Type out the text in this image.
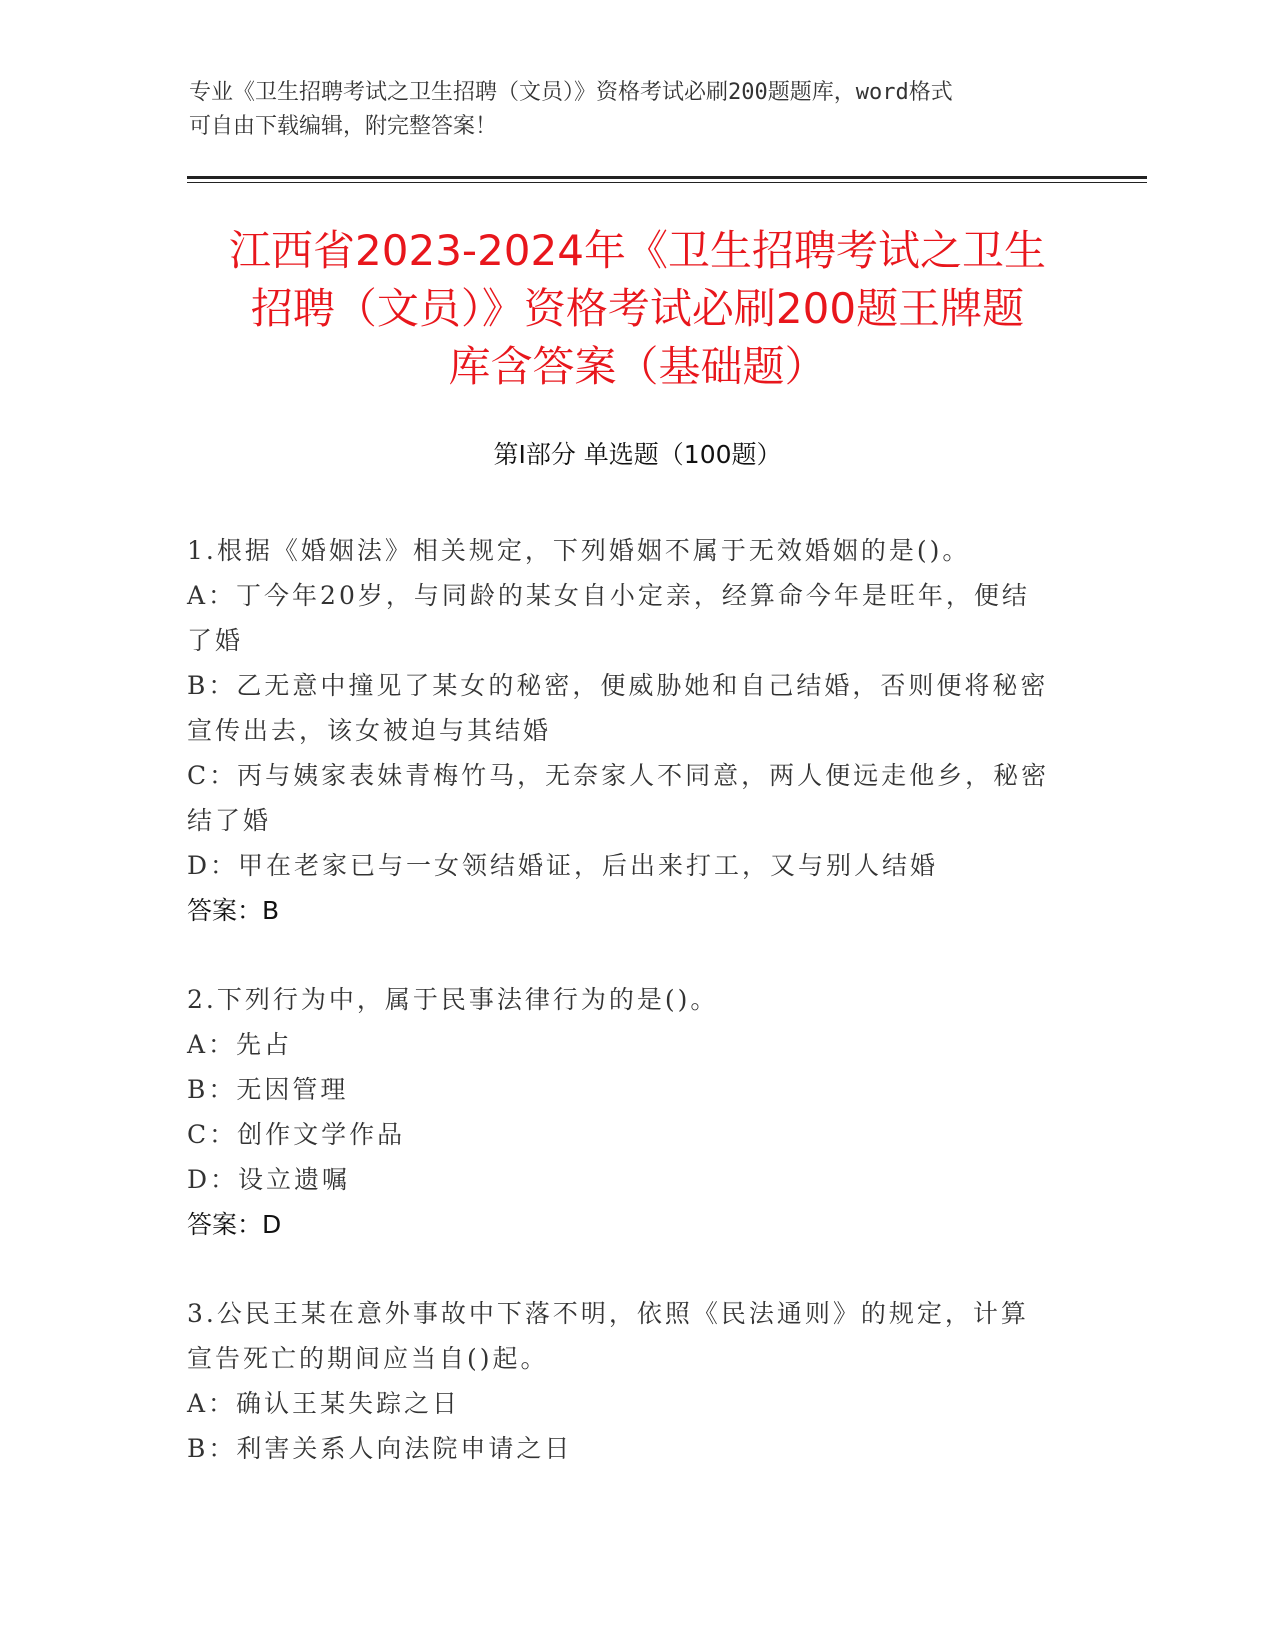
专业《卫生招聘考试之卫生招聘（文员）》资格考试必刷200题题库，word格式
可自由下载编辑，附完整答案！
江西省2023-2024年《卫生招聘考试之卫生
招聘（文员）》资格考试必刷200题王牌题
库含答案（基础题）
第Ⅰ部分 单选题（100题）

1.根据《婚姻法》相关规定，下列婚姻不属于无效婚姻的是()。

A：丁今年20岁，与同龄的某女自小定亲，经算命今年是旺年，便结

了婚

B：乙无意中撞见了某女的秘密，便威胁她和自己结婚，否则便将秘密

宣传出去，该女被迫与其结婚

C：丙与姨家表妹青梅竹马，无奈家人不同意，两人便远走他乡，秘密

结了婚

D：甲在老家已与一女领结婚证，后出来打工，又与别人结婚

答案：B

2.下列行为中，属于民事法律行为的是()。

A：先占

B：无因管理

C：创作文学作品

D：设立遗嘱

答案：D

3.公民王某在意外事故中下落不明，依照《民法通则》的规定，计算

宣告死亡的期间应当自()起。

A：确认王某失踪之日

B：利害关系人向法院申请之日
